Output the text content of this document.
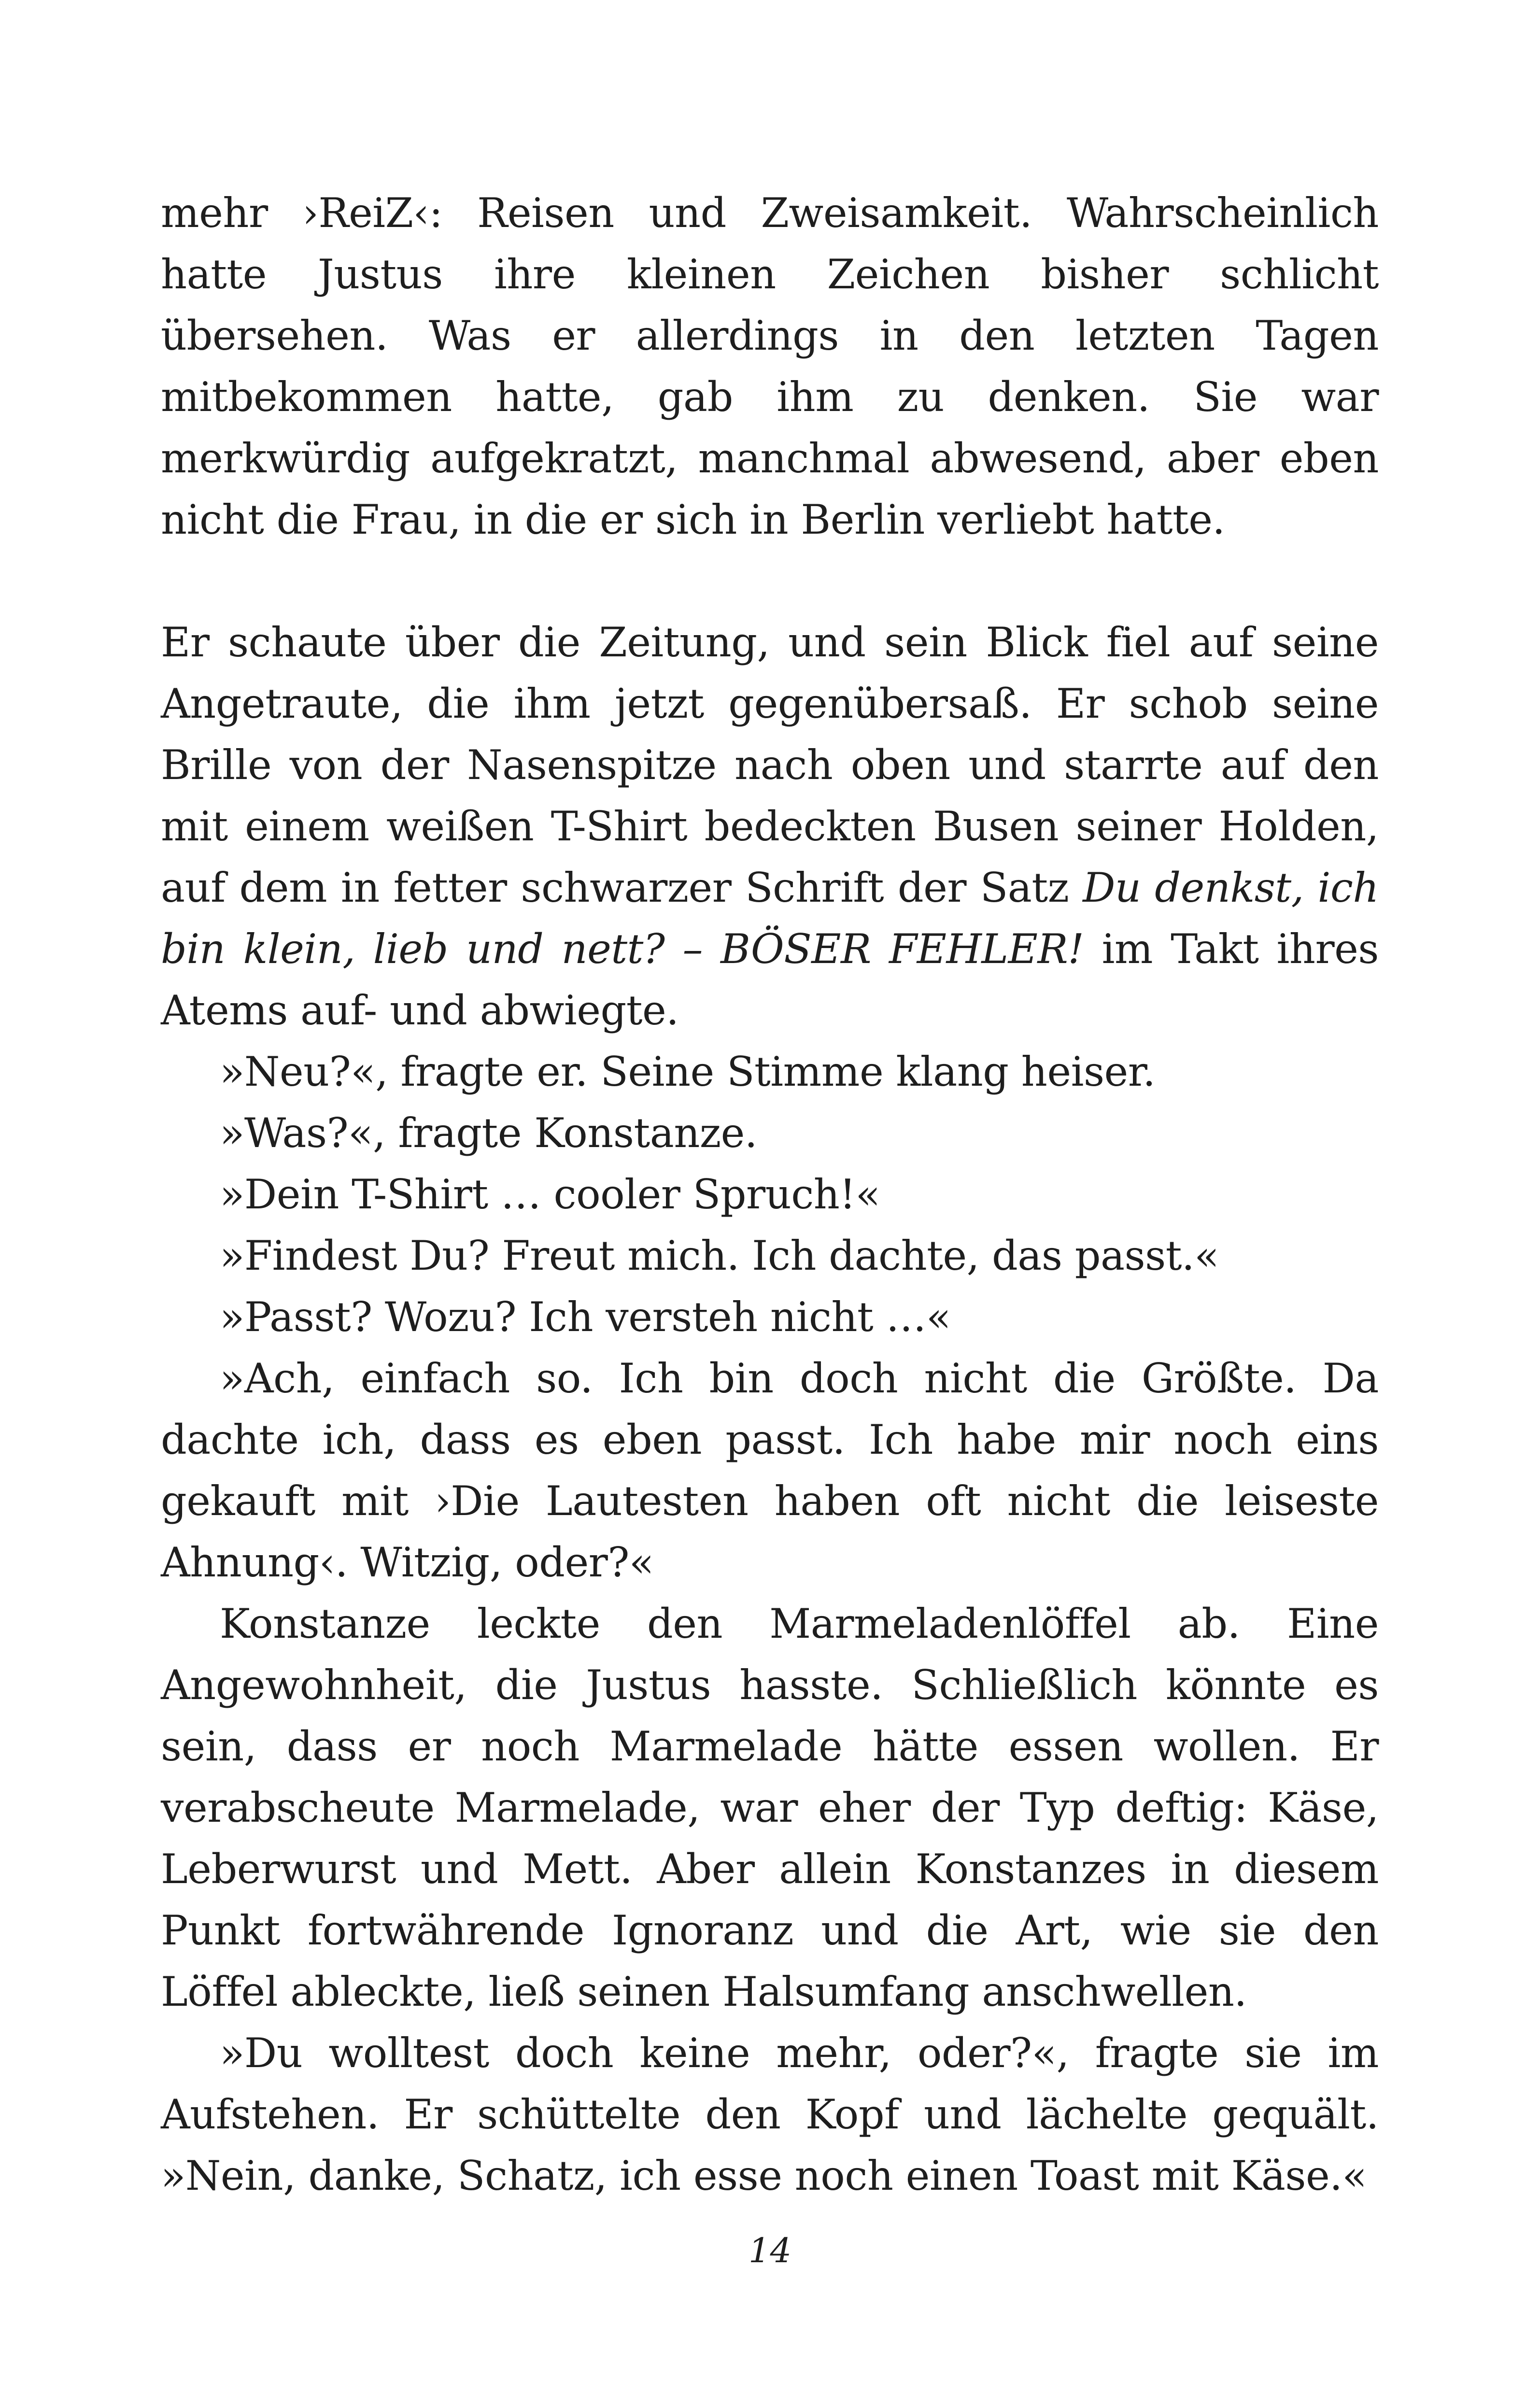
mehr ›ReiZ‹: Reisen und Zweisamkeit. Wahrscheinlich hatte Justus ihre kleinen Zeichen bisher schlicht übersehen. Was er allerdings in den letzten Tagen mitbekommen hatte, gab ihm zu denken. Sie war merkwürdig aufgekratzt, manchmal abwesend, aber eben nicht die Frau, in die er sich in Berlin verliebt hatte.

Er schaute über die Zeitung, und sein Blick fiel auf seine Angetraute, die ihm jetzt gegenübersaß. Er schob seine Brille von der Nasenspitze nach oben und starrte auf den mit einem weißen T-Shirt bedeckten Busen seiner Holden, auf dem in fetter schwarzer Schrift der Satz Du denkst, ich bin klein, lieb und nett? – BÖSER FEHLER! im Takt ihres Atems auf- und abwiegte.

»Neu?«, fragte er. Seine Stimme klang heiser.

»Was?«, fragte Konstanze.

»Dein T-Shirt … cooler Spruch!«

»Findest Du? Freut mich. Ich dachte, das passt.«

»Passt? Wozu? Ich versteh nicht …«

»Ach, einfach so. Ich bin doch nicht die Größte. Da dachte ich, dass es eben passt. Ich habe mir noch eins gekauft mit ›Die Lautesten haben oft nicht die leiseste Ahnung‹. Witzig, oder?«

Konstanze leckte den Marmeladenlöffel ab. Eine Angewohnheit, die Justus hasste. Schließlich könnte es sein, dass er noch Marmelade hätte essen wollen. Er verabscheute Marmelade, war eher der Typ deftig: Käse, Leberwurst und Mett. Aber allein Konstanzes in diesem Punkt fortwährende Ignoranz und die Art, wie sie den Löffel ableckte, ließ seinen Halsumfang anschwellen.

»Du wolltest doch keine mehr, oder?«, fragte sie im Aufstehen. Er schüttelte den Kopf und lächelte gequält. »Nein, danke, Schatz, ich esse noch einen Toast mit Käse.«

14
